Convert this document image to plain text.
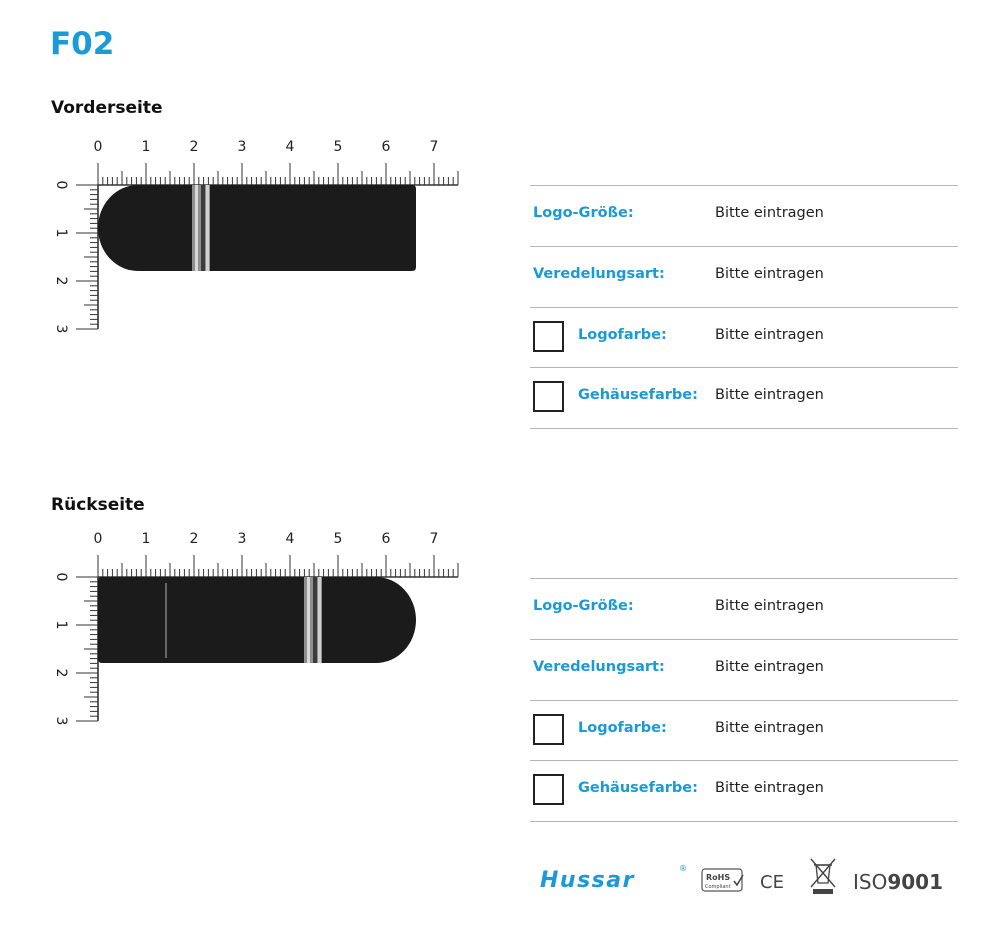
F02
Vorderseite
0	1	2	3	4	5	6	7
0
1
2
3
Logo-Größe:	Bitte eintragen
Veredelungsart:	Bitte eintragen
Logofarbe:	Bitte eintragen
Gehäusefarbe: Bitte eintragen
Rückseite
0	1	2	3	4	5	6	7
0
1
2
3
Logo-Größe:	Bitte eintragen
Veredelungsart:	Bitte eintragen
Logofarbe:	Bitte eintragen
Gehäusefarbe: Bitte eintragen
Hussar	®
RoHS
Compliant CE	ISO9001
